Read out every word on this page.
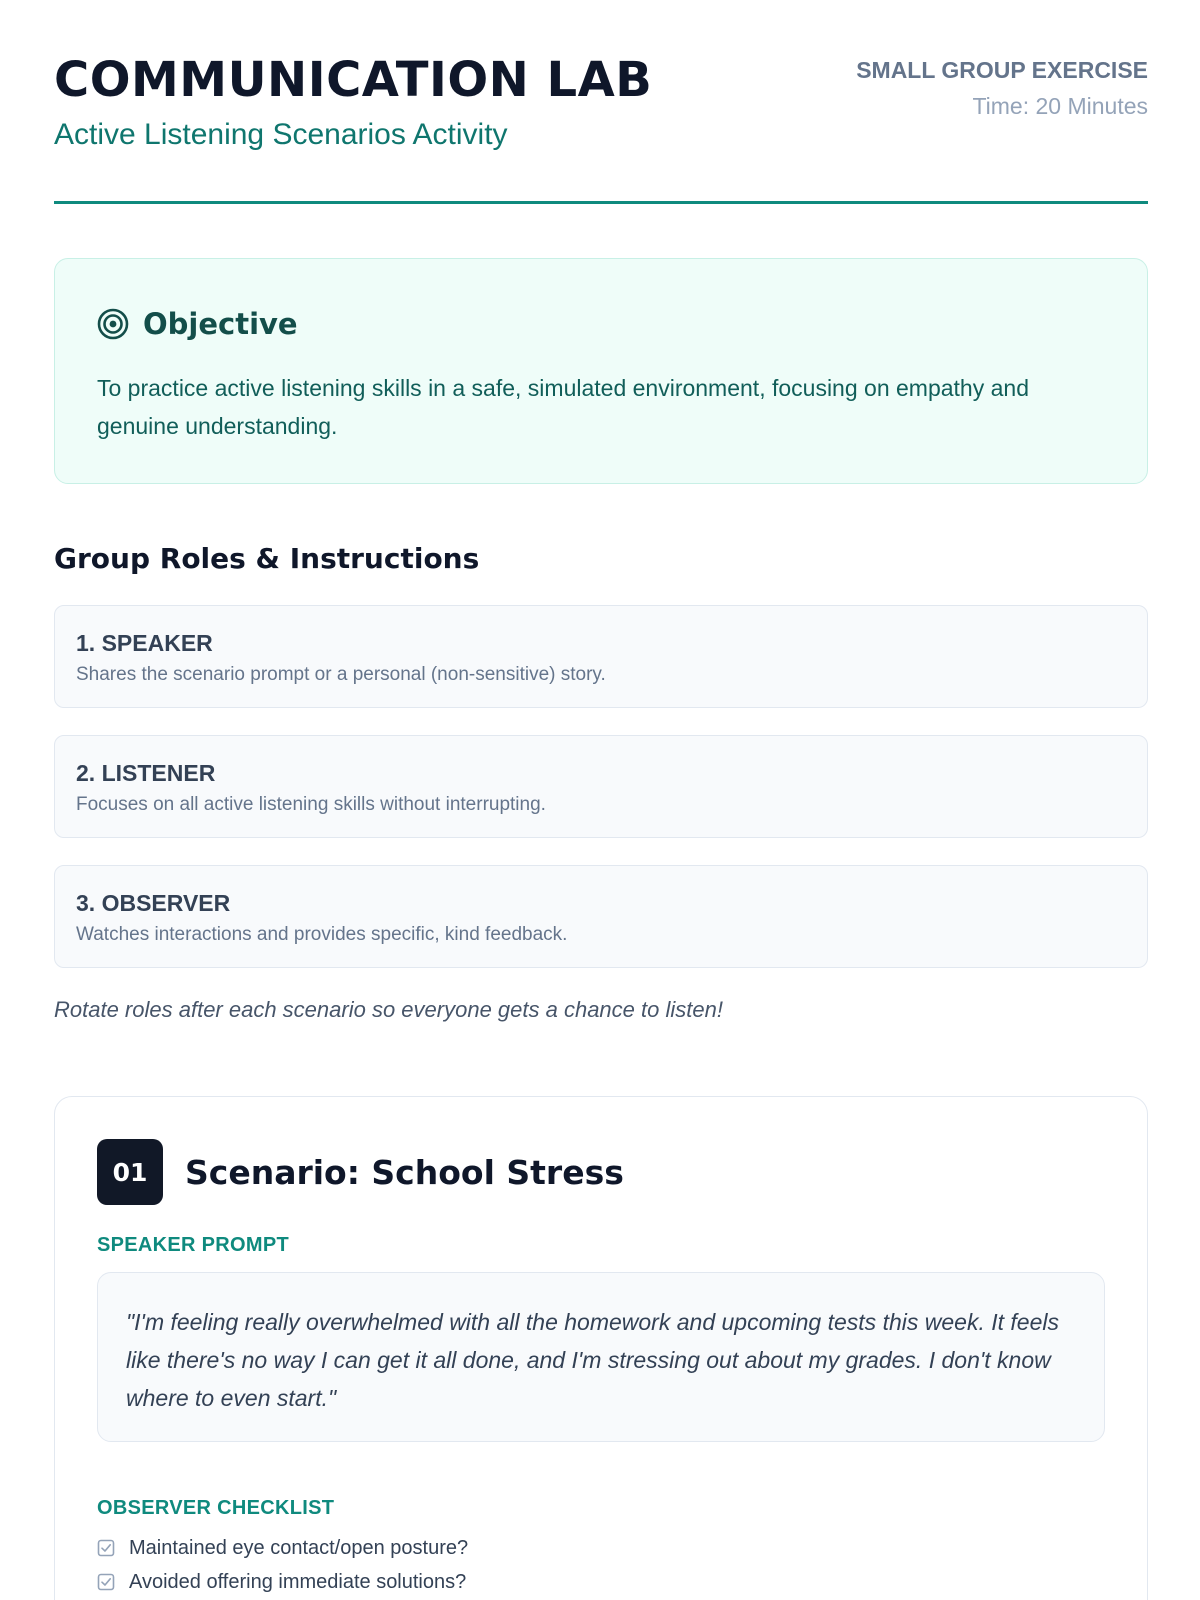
COMMUNICATION LAB
Active Listening Scenarios Activity
SMALL GROUP EXERCISE
Time: 20 Minutes
Objective

To practice active listening skills in a safe, simulated environment, focusing on empathy and genuine understanding.

Group Roles & Instructions
1. SPEAKER
Shares the scenario prompt or a personal (non-sensitive) story.
2. LISTENER
Focuses on all active listening skills without interrupting.
3. OBSERVER
Watches interactions and provides specific, kind feedback.

Rotate roles after each scenario so everyone gets a chance to listen!

01	Scenario: School Stress
SPEAKER PROMPT

"I'm feeling really overwhelmed with all the homework and upcoming tests this week. It feels like there's no way I can get it all done, and I'm stressing out about my grades. I don't know where to even start."

OBSERVER CHECKLIST
Maintained eye contact/open posture?
Avoided offering immediate solutions?
